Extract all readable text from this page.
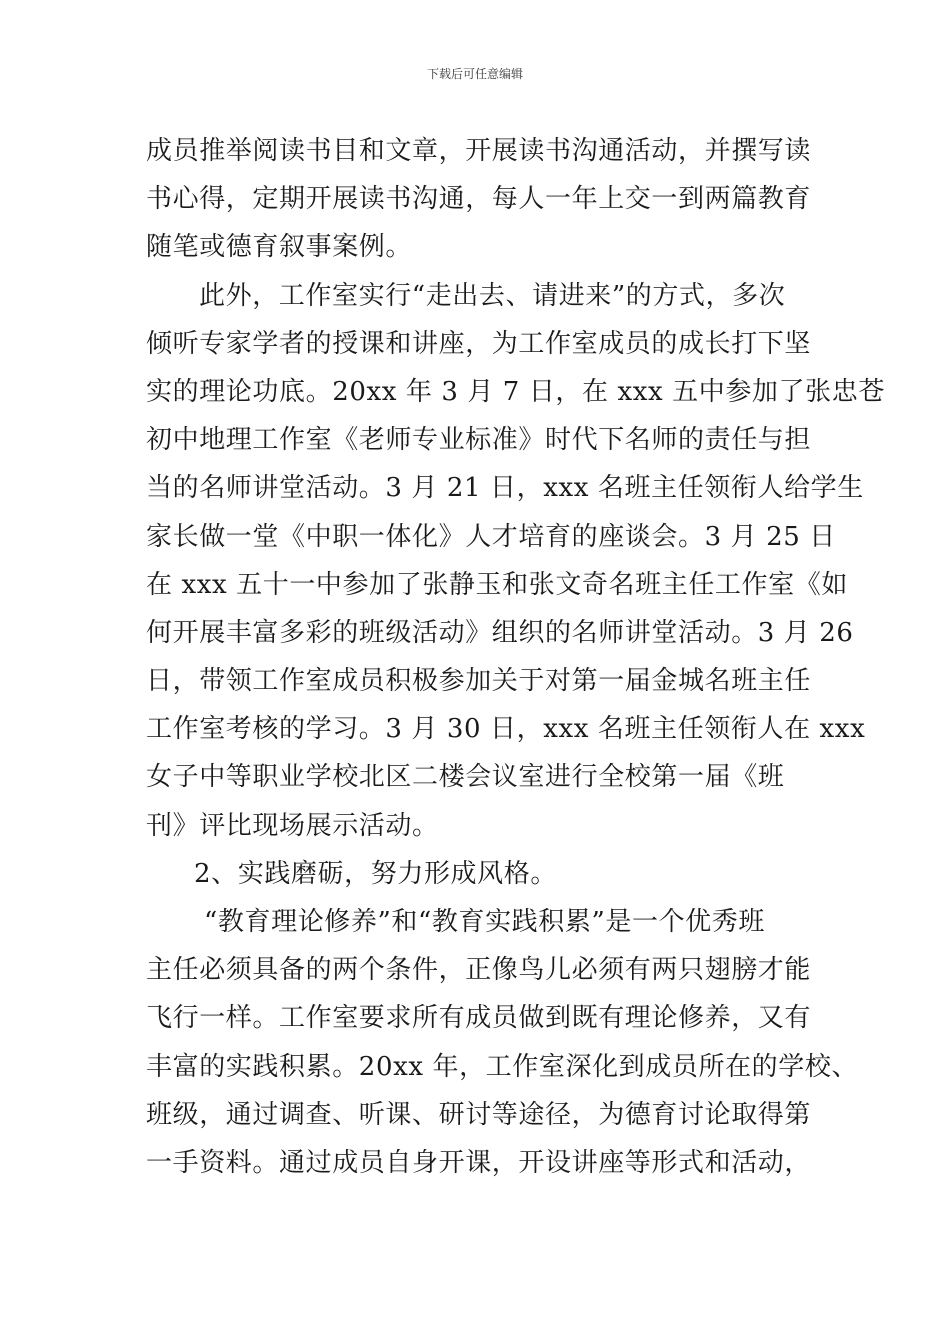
下载后可任意编辑
成员推举阅读书目和文章，开展读书沟通活动，并撰写读
书心得，定期开展读书沟通，每人一年上交一到两篇教育
随笔或德育叙事案例。
此外，工作室实行“走出去、请进来”的方式，多次
倾听专家学者的授课和讲座，为工作室成员的成长打下坚
实的理论功底。20xx 年 3 月 7 日，在 xxx 五中参加了张忠苍
初中地理工作室《老师专业标准》时代下名师的责任与担
当的名师讲堂活动。3 月 21 日，xxx 名班主任领衔人给学生
家长做一堂《中职一体化》人才培育的座谈会。3 月 25 日
在 xxx 五十一中参加了张静玉和张文奇名班主任工作室《如
何开展丰富多彩的班级活动》组织的名师讲堂活动。3 月 26
日，带领工作室成员积极参加关于对第一届金城名班主任
工作室考核的学习。3 月 30 日，xxx 名班主任领衔人在 xxx
女子中等职业学校北区二楼会议室进行全校第一届《班
刊》评比现场展示活动。
2、实践磨砺，努力形成风格。
“教育理论修养”和“教育实践积累”是一个优秀班
主任必须具备的两个条件，正像鸟儿必须有两只翅膀才能
飞行一样。工作室要求所有成员做到既有理论修养，又有
丰富的实践积累。20xx 年，工作室深化到成员所在的学校、
班级，通过调查、听课、研讨等途径，为德育讨论取得第
一手资料。通过成员自身开课，开设讲座等形式和活动，
